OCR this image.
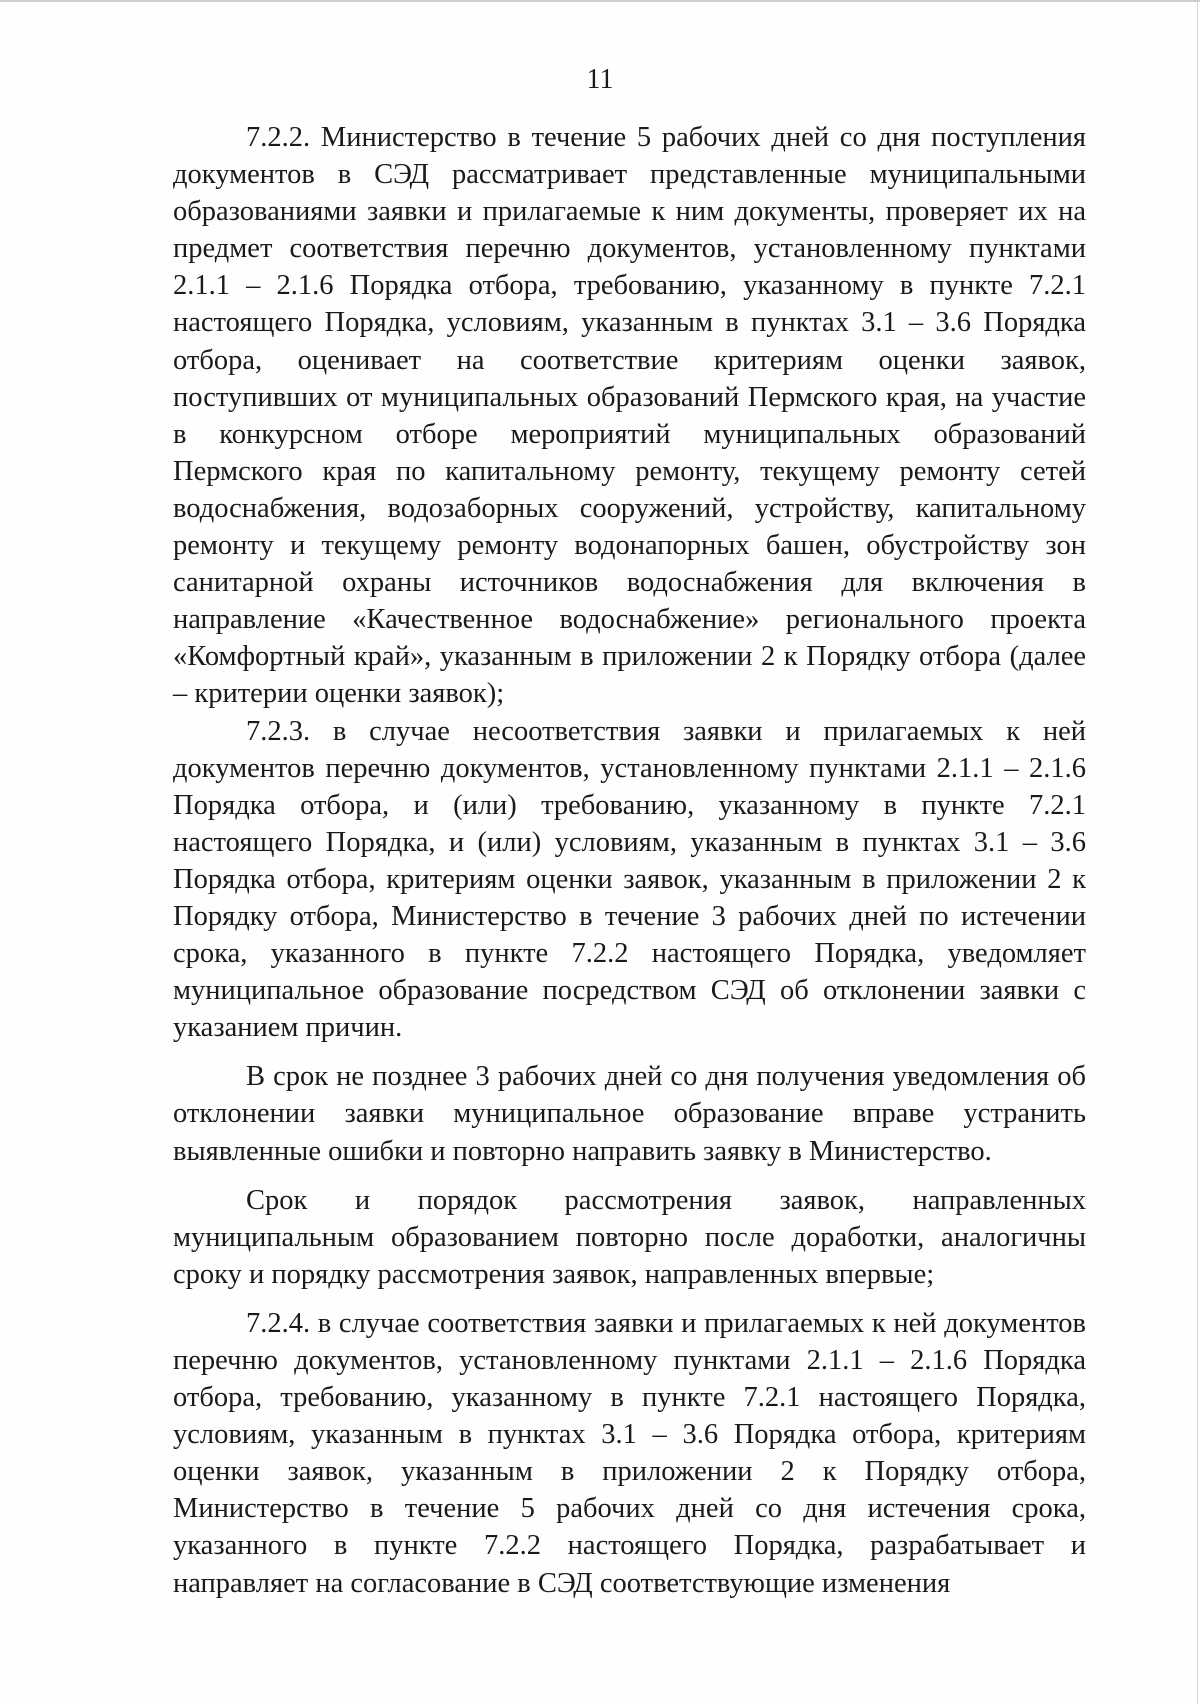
11

7.2.2. Министерство в течение 5 рабочих дней со дня поступления документов в СЭД рассматривает представленные муниципальными образованиями заявки и прилагаемые к ним документы, проверяет их на предмет соответствия перечню документов, установленному пунктами 2.1.1 – 2.1.6 Порядка отбора, требованию, указанному в пункте 7.2.1 настоящего Порядка, условиям, указанным в пунктах 3.1 – 3.6 Порядка отбора, оценивает на соответствие критериям оценки заявок, поступивших от муниципальных образований Пермского края, на участие в конкурсном отборе мероприятий муниципальных образований Пермского края по капитальному ремонту, текущему ремонту сетей водоснабжения, водозаборных сооружений, устройству, капитальному ремонту и текущему ремонту водонапорных башен, обустройству зон санитарной охраны источников водоснабжения для включения в направление «Качественное водоснабжение» регионального проекта «Комфортный край», указанным в приложении 2 к Порядку отбора (далее – критерии оценки заявок);

7.2.3. в случае несоответствия заявки и прилагаемых к ней документов перечню документов, установленному пунктами 2.1.1 – 2.1.6 Порядка отбора, и (или) требованию, указанному в пункте 7.2.1 настоящего Порядка, и (или) условиям, указанным в пунктах 3.1 – 3.6 Порядка отбора, критериям оценки заявок, указанным в приложении 2 к Порядку отбора, Министерство в течение 3 рабочих дней по истечении срока, указанного в пункте 7.2.2 настоящего Порядка, уведомляет муниципальное образование посредством СЭД об отклонении заявки с указанием причин.

В срок не позднее 3 рабочих дней со дня получения уведомления об отклонении заявки муниципальное образование вправе устранить выявленные ошибки и повторно направить заявку в Министерство.

Срок и порядок рассмотрения заявок, направленных муниципальным образованием повторно после доработки, аналогичны сроку и порядку рассмотрения заявок, направленных впервые;

7.2.4. в случае соответствия заявки и прилагаемых к ней документов перечню документов, установленному пунктами 2.1.1 – 2.1.6 Порядка отбора, требованию, указанному в пункте 7.2.1 настоящего Порядка, условиям, указанным в пунктах 3.1 – 3.6 Порядка отбора, критериям оценки заявок, указанным в приложении 2 к Порядку отбора, Министерство в течение 5 рабочих дней со дня истечения срока, указанного в пункте 7.2.2 настоящего Порядка, разрабатывает и направляет на согласование в СЭД соответствующие изменения
